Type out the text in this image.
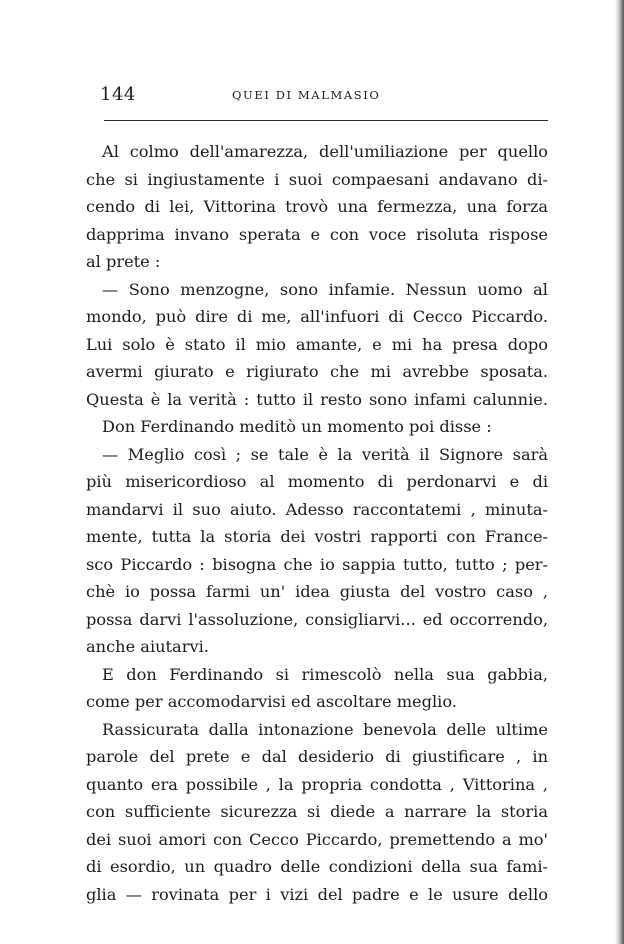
144	QUEI DI MALMASIO
Al colmo dell'amarezza, dell'umiliazione per quello
che si ingiustamente i suoi compaesani andavano di-
cendo di lei, Vittorina trovò una fermezza, una forza
dapprima invano sperata e con voce risoluta rispose
al prete :
— Sono menzogne, sono infamie. Nessun uomo al
mondo, può dire di me, all'infuori di Cecco Piccardo.
Lui solo è stato il mio amante, e mi ha presa dopo
avermi giurato e rigiurato che mi avrebbe sposata.
Questa è la verità : tutto il resto sono infami calunnie.
Don Ferdinando meditò un momento poi disse :
— Meglio così ; se tale è la verità il Signore sarà
più misericordioso al momento di perdonarvi e di
mandarvi il suo aiuto. Adesso raccontatemi , minuta-
mente, tutta la storia dei vostri rapporti con France-
sco Piccardo : bisogna che io sappia tutto, tutto ; per-
chè io possa farmi un' idea giusta del vostro caso ,
possa darvi l'assoluzione, consigliarvi... ed occorrendo,
anche aiutarvi.
E don Ferdinando si rimescolò nella sua gabbia,
come per accomodarvisi ed ascoltare meglio.
Rassicurata dalla intonazione benevola delle ultime
parole del prete e dal desiderio di giustificare , in
quanto era possibile , la propria condotta , Vittorina ,
con sufficiente sicurezza si diede a narrare la storia
dei suoi amori con Cecco Piccardo, premettendo a mo'
di esordio, un quadro delle condizioni della sua fami-
glia — rovinata per i vizi del padre e le usure dello
